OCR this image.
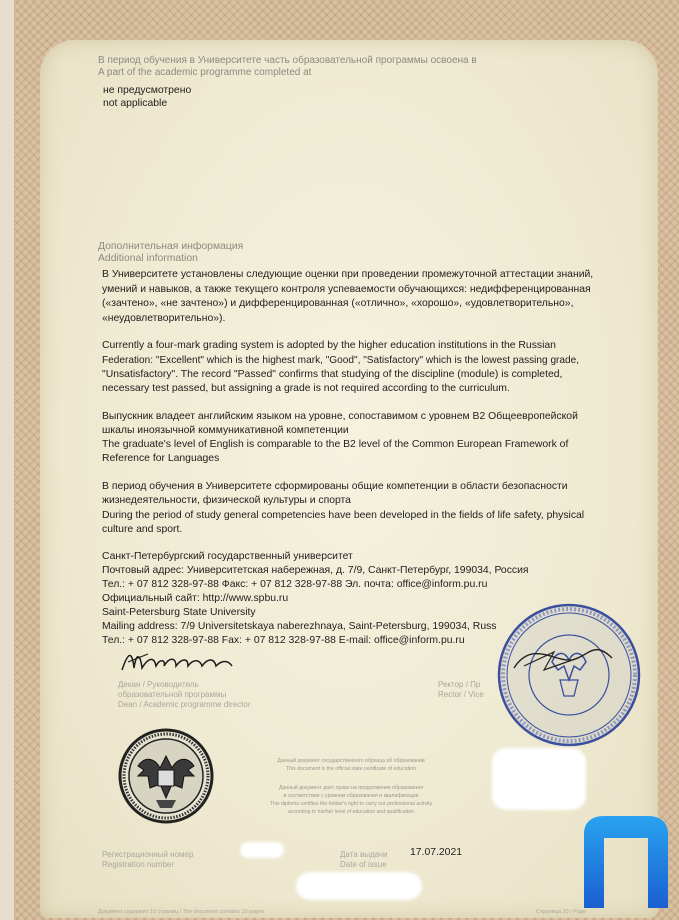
В период обучения в Университете часть образовательной программы освоена в
A part of the academic programme completed at
не предусмотрено
not applicable
Дополнительная информация
Additional information
В Университете установлены следующие оценки при проведении промежуточной аттестации знаний,
умений и навыков, а также текущего контроля успеваемости обучающихся: недифференцированная
(«зачтено», «не зачтено») и дифференцированная («отлично», «хорошо», «удовлетворительно»,
«неудовлетворительно»).
Currently a four-mark grading system is adopted by the higher education institutions in the Russian
Federation: "Excellent" which is the highest mark, "Good", "Satisfactory" which is the lowest passing grade,
"Unsatisfactory". The record "Passed" confirms that studying of the discipline (module) is completed,
necessary test passed, but assigning a grade is not required according to the curriculum.
Выпускник владеет английским языком на уровне, сопоставимом с уровнем В2 Общеевропейской
шкалы иноязычной коммуникативной компетенции
The graduate's level of English is comparable to the B2 level of the Common European Framework of
Reference for Languages
В период обучения в Университете сформированы общие компетенции в области безопасности
жизнедеятельности, физической культуры и спорта
During the period of study general competencies have been developed in the fields of life safety, physical
culture and sport.
Санкт-Петербургский государственный университет
Почтовый адрес: Университетская набережная, д. 7/9, Санкт-Петербург, 199034, Россия
Тел.: + 07 812 328-97-88 Факс: + 07 812 328-97-88 Эл. почта: office@inform.pu.ru
Официальный сайт: http://www.spbu.ru
Saint-Petersburg State University
Mailing address: 7/9 Universitetskaya naberezhnaya, Saint-Petersburg, 199034, Russ
Тел.: + 07 812 328-97-88 Fax: + 07 812 328-97-88 E-mail: office@inform.pu.ru
Декан / Руководитель
образовательной программы
Dean / Academic programme director
Ректор / Пр
Rector / Vice
Данный документ государственного образца об образовании
This document is the official state certificate of education
Данный документ дает право на продолжение образования
в соответствии с уровнем образования и квалификации
This diploma certifies the holder's right to carry out professional activity
according to his/her level of education and qualification
Регистрационный номер
Registration number
Дата выдачи
Date of issue
17.07.2021
Документ содержит 10 страниц / The document contains 10 pages	Страница 10 / Page
